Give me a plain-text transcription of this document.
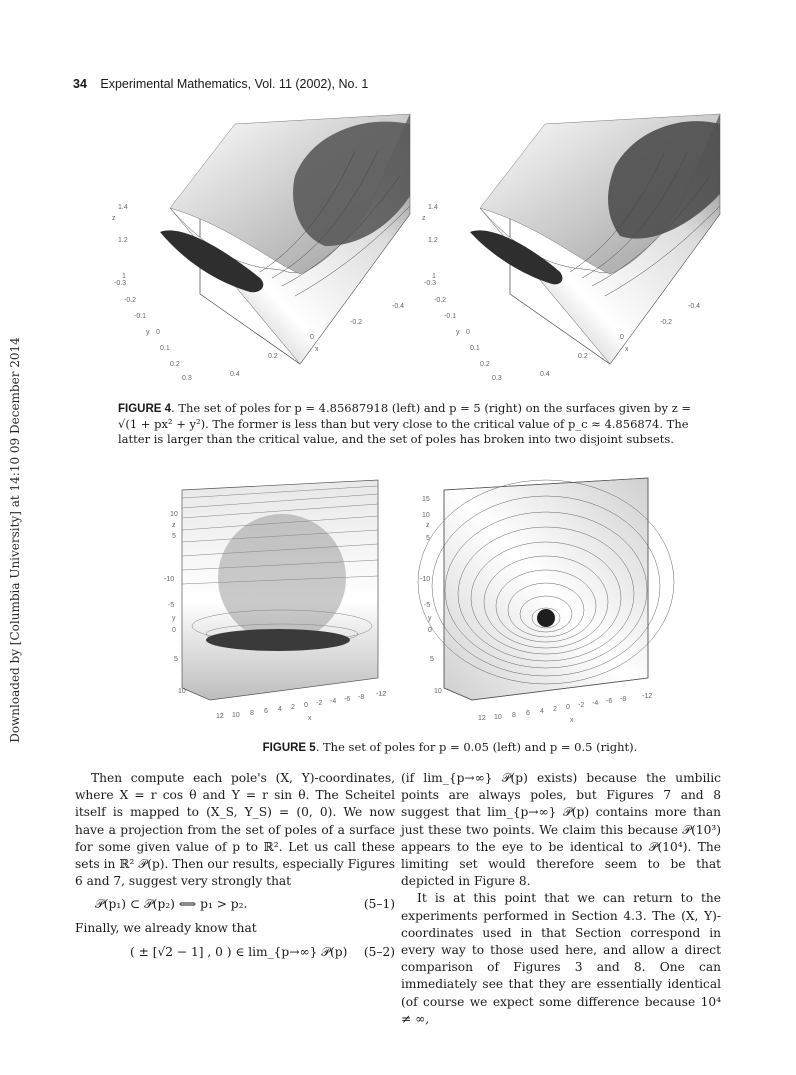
Downloaded by [Columbia University] at 14:10 09 December 2014
34 Experimental Mathematics, Vol. 11 (2002), No. 1
z
1.4
1.2
1
-0.3
-0.2
-0.1
y 0
0.1
0.2
0.3
0.4
0.2
0
x
-0.2
-0.4
z
1.4
1.2
1
-0.3
-0.2
-0.1
y 0
0.1
0.2
0.3
0.4
0.2
0
x
-0.2
-0.4
FIGURE 4. The set of poles for p = 4.85687918 (left) and p = 5 (right) on the surfaces given by z = √(1 + px² + y²). The former is less than but very close to the critical value of p_c ≈ 4.856874. The latter is larger than the critical value, and the set of poles has broken into two disjoint subsets.
10
z
5
-10
-5
y
0
5
10
12 10 8 6 4 2 0
x
-2 -4 -6 -8 -12
15
10
z
5
-10
-5
y
0
5
10
12 10 8 6 4 2 0
x
-2 -4 -6 -8 -12
FIGURE 5. The set of poles for p = 0.05 (left) and p = 0.5 (right).

Then compute each pole's (X, Y)-coordinates, where X = r cos θ and Y = r sin θ. The Scheitel itself is mapped to (X_S, Y_S) = (0, 0). We now have a projection from the set of poles of a surface for some given value of p to ℝ². Let us call these sets in ℝ² 𝒫(p). Then our results, especially Figures 6 and 7, suggest very strongly that

𝒫(p₁) ⊂ 𝒫(p₂) ⟺ p₁ > p₂.	(5–1)

Finally, we already know that

( ± [√2 − 1] , 0 ) ∈ lim_{p→∞} 𝒫(p) (5–2)

(if lim_{p→∞} 𝒫(p) exists) because the umbilic points are always poles, but Figures 7 and 8 suggest that lim_{p→∞} 𝒫(p) contains more than just these two points. We claim this because 𝒫(10³) appears to the eye to be identical to 𝒫(10⁴). The limiting set would therefore seem to be that depicted in Figure 8.

It is at this point that we can return to the experiments performed in Section 4.3. The (X, Y)-coordinates used in that Section correspond in every way to those used here, and allow a direct comparison of Figures 3 and 8. One can immediately see that they are essentially identical (of course we expect some difference because 10⁴ ≠ ∞,
